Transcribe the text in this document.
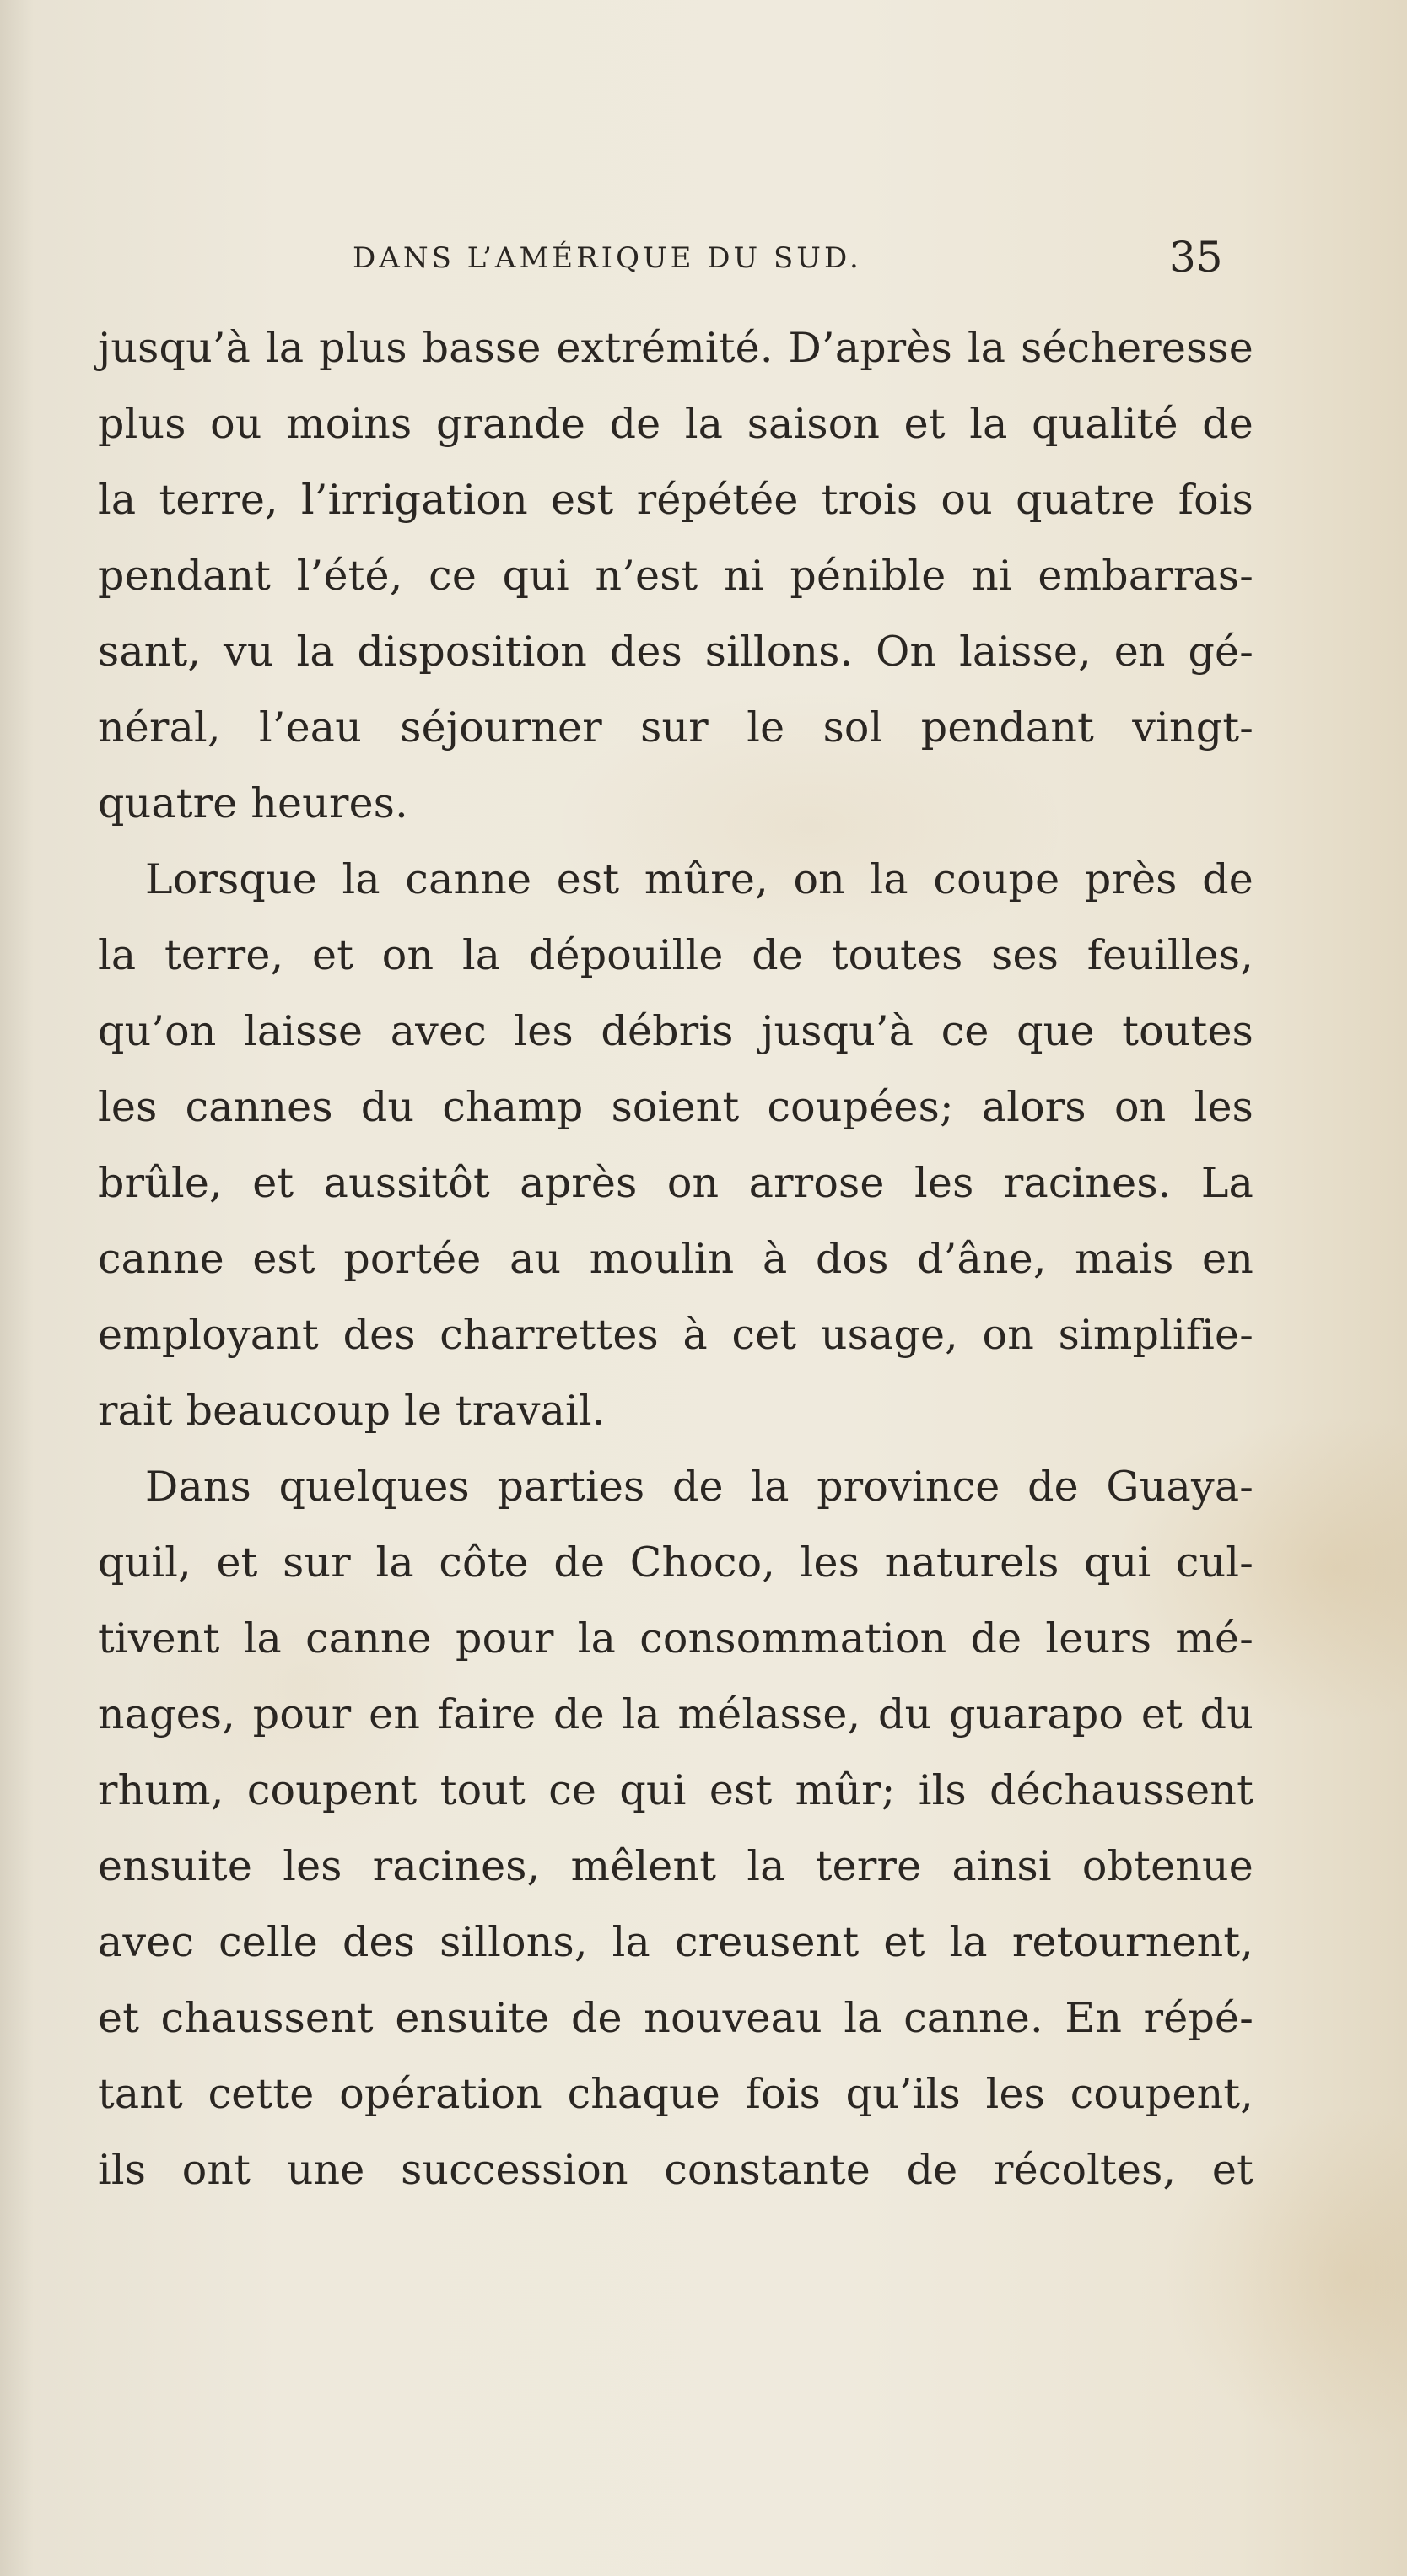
DANS L’AMÉRIQUE DU SUD.	35
jusqu’à la plus basse extrémité. D’après la sécheresse
plus ou moins grande de la saison et la qualité de
la terre, l’irrigation est répétée trois ou quatre fois
pendant l’été, ce qui n’est ni pénible ni embarras-
sant, vu la disposition des sillons. On laisse, en gé-
néral, l’eau séjourner sur le sol pendant vingt-
quatre heures.
Lorsque la canne est mûre, on la coupe près de
la terre, et on la dépouille de toutes ses feuilles,
qu’on laisse avec les débris jusqu’à ce que toutes
les cannes du champ soient coupées; alors on les
brûle, et aussitôt après on arrose les racines. La
canne est portée au moulin à dos d’âne, mais en
employant des charrettes à cet usage, on simplifie-
rait beaucoup le travail.
Dans quelques parties de la province de Guaya-
quil, et sur la côte de Choco, les naturels qui cul-
tivent la canne pour la consommation de leurs mé-
nages, pour en faire de la mélasse, du guarapo et du
rhum, coupent tout ce qui est mûr; ils déchaussent
ensuite les racines, mêlent la terre ainsi obtenue
avec celle des sillons, la creusent et la retournent,
et chaussent ensuite de nouveau la canne. En répé-
tant cette opération chaque fois qu’ils les coupent,
ils ont une succession constante de récoltes, et
